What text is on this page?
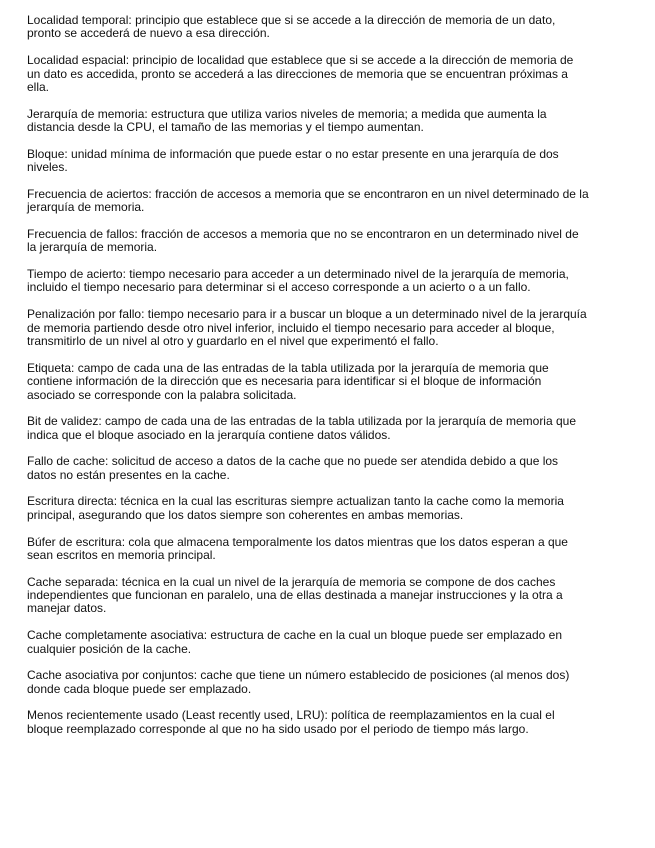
Localidad temporal: principio que establece que si se accede a la dirección de memoria de un dato,
pronto se accederá de nuevo a esa dirección.

Localidad espacial: principio de localidad que establece que si se accede a la dirección de memoria de
un dato es accedida, pronto se accederá a las direcciones de memoria que se encuentran próximas a
ella.

Jerarquía de memoria: estructura que utiliza varios niveles de memoria; a medida que aumenta la
distancia desde la CPU, el tamaño de las memorias y el tiempo aumentan.

Bloque: unidad mínima de información que puede estar o no estar presente en una jerarquía de dos
niveles.

Frecuencia de aciertos: fracción de accesos a memoria que se encontraron en un nivel determinado de la
jerarquía de memoria.

Frecuencia de fallos: fracción de accesos a memoria que no se encontraron en un determinado nivel de
la jerarquía de memoria.

Tiempo de acierto: tiempo necesario para acceder a un determinado nivel de la jerarquía de memoria,
incluido el tiempo necesario para determinar si el acceso corresponde a un acierto o a un fallo.

Penalización por fallo: tiempo necesario para ir a buscar un bloque a un determinado nivel de la jerarquía
de memoria partiendo desde otro nivel inferior, incluido el tiempo necesario para acceder al bloque,
transmitirlo de un nivel al otro y guardarlo en el nivel que experimentó el fallo.

Etiqueta: campo de cada una de las entradas de la tabla utilizada por la jerarquía de memoria que
contiene información de la dirección que es necesaria para identificar si el bloque de información
asociado se corresponde con la palabra solicitada.

Bit de validez: campo de cada una de las entradas de la tabla utilizada por la jerarquía de memoria que
indica que el bloque asociado en la jerarquía contiene datos válidos.

Fallo de cache: solicitud de acceso a datos de la cache que no puede ser atendida debido a que los
datos no están presentes en la cache.

Escritura directa: técnica en la cual las escrituras siempre actualizan tanto la cache como la memoria
principal, asegurando que los datos siempre son coherentes en ambas memorias.

Búfer de escritura: cola que almacena temporalmente los datos mientras que los datos esperan a que
sean escritos en memoria principal.

Cache separada: técnica en la cual un nivel de la jerarquía de memoria se compone de dos caches
independientes que funcionan en paralelo, una de ellas destinada a manejar instrucciones y la otra a
manejar datos.

Cache completamente asociativa: estructura de cache en la cual un bloque puede ser emplazado en
cualquier posición de la cache.

Cache asociativa por conjuntos: cache que tiene un número establecido de posiciones (al menos dos)
donde cada bloque puede ser emplazado.

Menos recientemente usado (Least recently used, LRU): política de reemplazamientos en la cual el
bloque reemplazado corresponde al que no ha sido usado por el periodo de tiempo más largo.
